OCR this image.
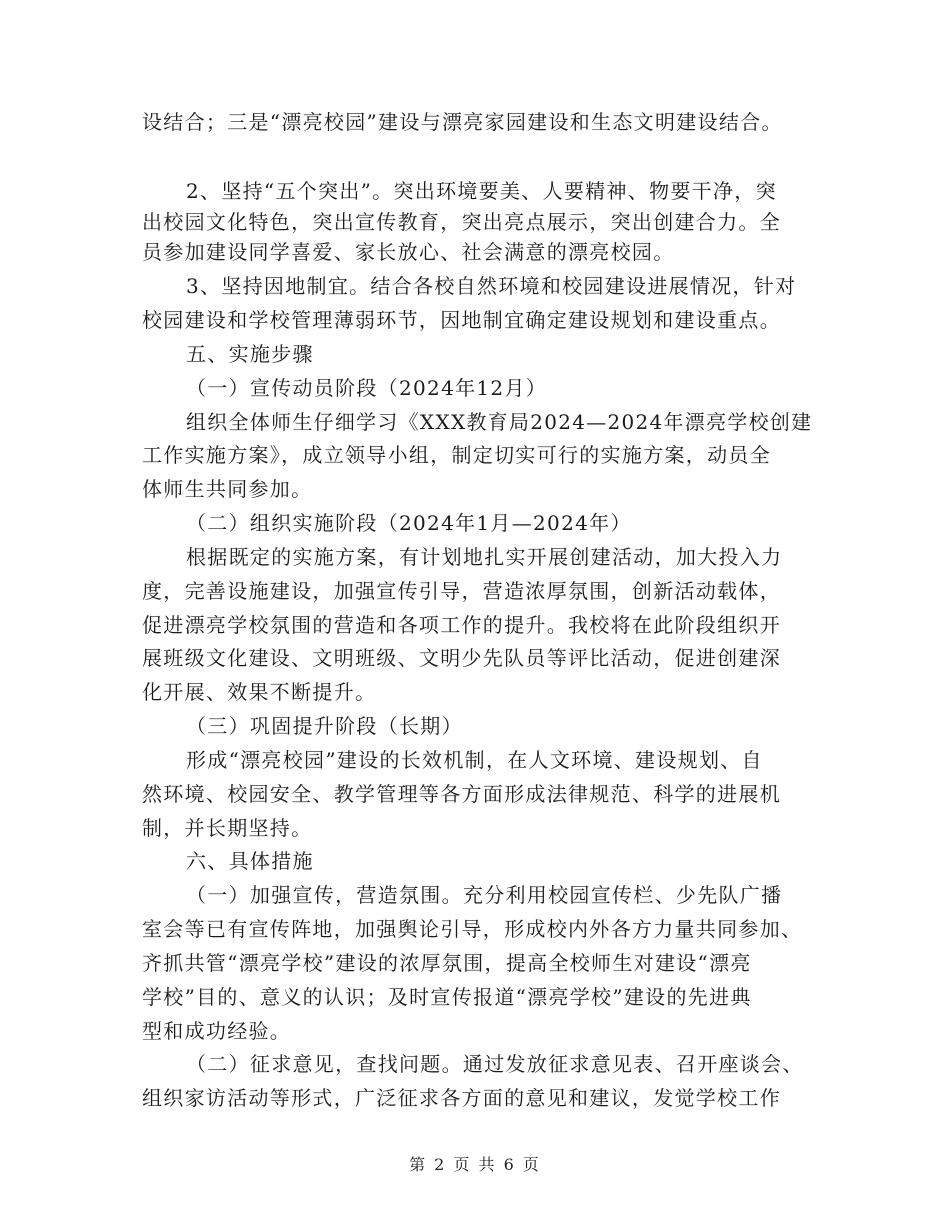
设结合；三是“漂亮校园”建设与漂亮家园建设和生态文明建设结合。
2、坚持“五个突出”。突出环境要美、人要精神、物要干净，突
出校园文化特色，突出宣传教育，突出亮点展示，突出创建合力。全
员参加建设同学喜爱、家长放心、社会满意的漂亮校园。
3、坚持因地制宜。结合各校自然环境和校园建设进展情况，针对
校园建设和学校管理薄弱环节，因地制宜确定建设规划和建设重点。
五、实施步骤
（一）宣传动员阶段（2024年12月）
组织全体师生仔细学习《XXX教育局2024—2024年漂亮学校创建
工作实施方案》，成立领导小组，制定切实可行的实施方案，动员全
体师生共同参加。
（二）组织实施阶段（2024年1月—2024年）
根据既定的实施方案，有计划地扎实开展创建活动，加大投入力
度，完善设施建设，加强宣传引导，营造浓厚氛围，创新活动载体，
促进漂亮学校氛围的营造和各项工作的提升。我校将在此阶段组织开
展班级文化建设、文明班级、文明少先队员等评比活动，促进创建深
化开展、效果不断提升。
（三）巩固提升阶段（长期）
形成“漂亮校园”建设的长效机制，在人文环境、建设规划、自
然环境、校园安全、教学管理等各方面形成法律规范、科学的进展机
制，并长期坚持。
六、具体措施
（一）加强宣传，营造氛围。充分利用校园宣传栏、少先队广播
室会等已有宣传阵地，加强舆论引导，形成校内外各方力量共同参加、
齐抓共管“漂亮学校”建设的浓厚氛围，提高全校师生对建设“漂亮
学校”目的、意义的认识；及时宣传报道“漂亮学校”建设的先进典
型和成功经验。
（二）征求意见，查找问题。通过发放征求意见表、召开座谈会、
组织家访活动等形式，广泛征求各方面的意见和建议，发觉学校工作
第 2 页 共 6 页
